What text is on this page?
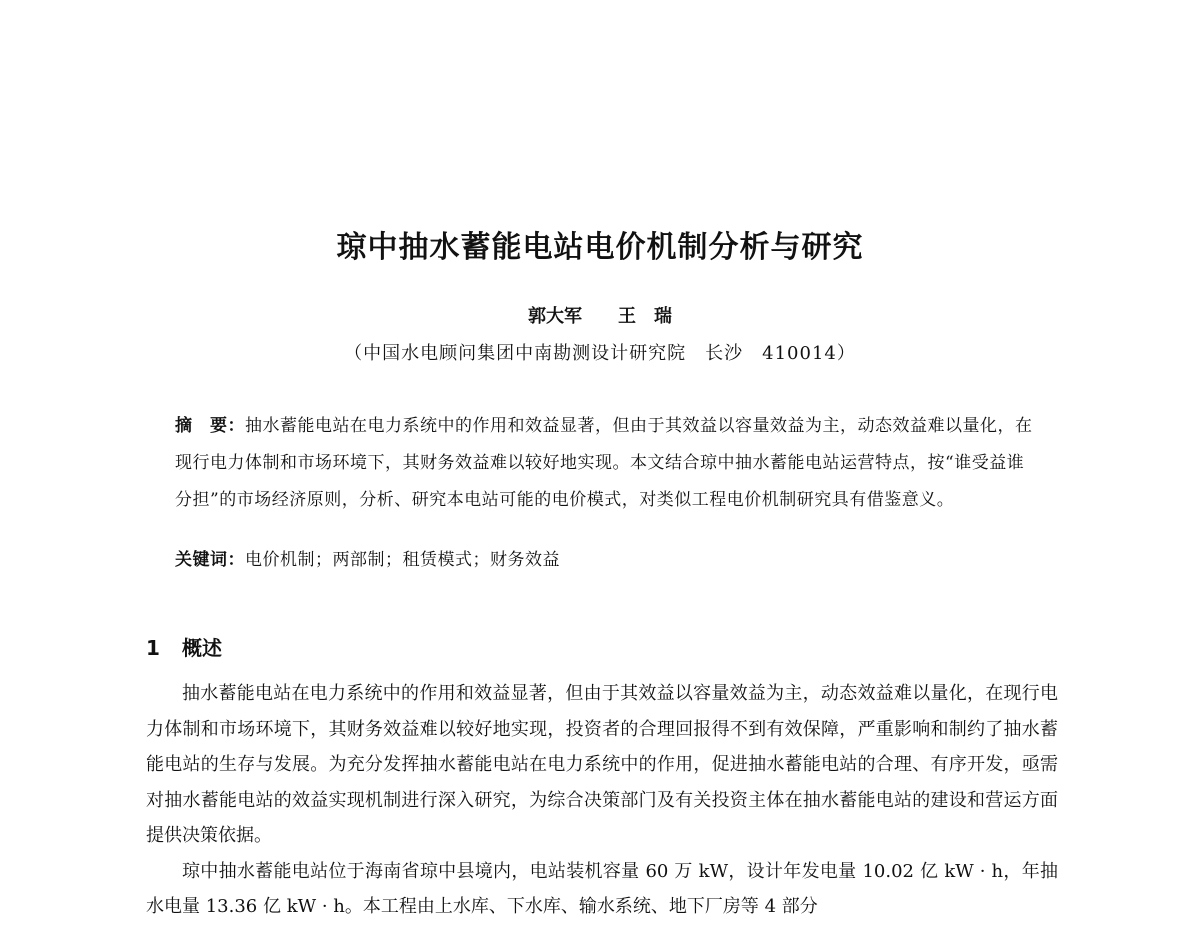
琼中抽水蓄能电站电价机制分析与研究
郭大军 王　瑞
（中国水电顾问集团中南勘测设计研究院　长沙　410014）
摘　要：抽水蓄能电站在电力系统中的作用和效益显著，但由于其效益以容量效益为主，动态效益难以量化，在现行电力体制和市场环境下，其财务效益难以较好地实现。本文结合琼中抽水蓄能电站运营特点，按“谁受益谁分担”的市场经济原则，分析、研究本电站可能的电价模式，对类似工程电价机制研究具有借鉴意义。
关键词：电价机制；两部制；租赁模式；财务效益
1 概述

抽水蓄能电站在电力系统中的作用和效益显著，但由于其效益以容量效益为主，动态效益难以量化，在现行电力体制和市场环境下，其财务效益难以较好地实现，投资者的合理回报得不到有效保障，严重影响和制约了抽水蓄能电站的生存与发展。为充分发挥抽水蓄能电站在电力系统中的作用，促进抽水蓄能电站的合理、有序开发，亟需对抽水蓄能电站的效益实现机制进行深入研究，为综合决策部门及有关投资主体在抽水蓄能电站的建设和营运方面提供决策依据。

琼中抽水蓄能电站位于海南省琼中县境内，电站装机容量 60 万 kW，设计年发电量 10.02 亿 kW · h，年抽水电量 13.36 亿 kW · h。本工程由上水库、下水库、输水系统、地下厂房等 4 部分
